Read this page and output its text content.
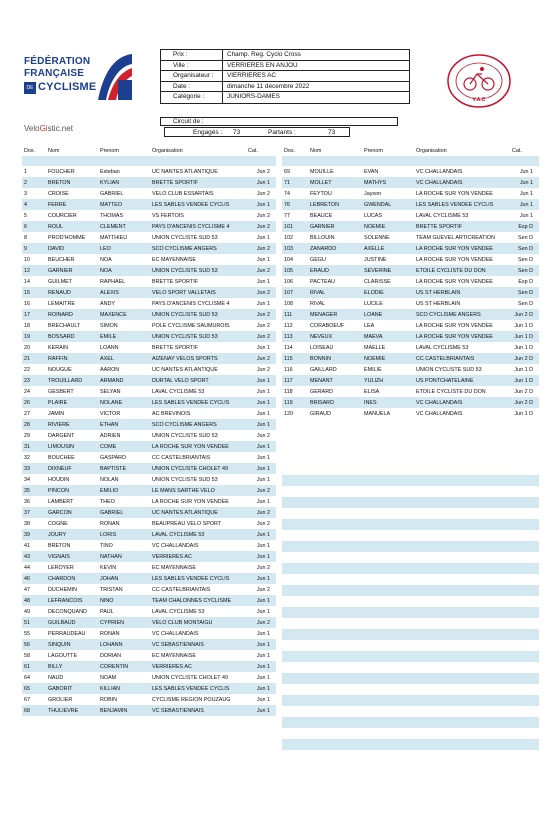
FÉDÉRATION
FRANÇAISE
DE CYCLISME
V.A.C
Prix :	Champ. Reg. Cyclo Cross
Ville :	VERRIERES EN ANJOU
Organisateur :	VIERRIERES AC
Date :	dimanche 11 décembre 2022
Catégorie :	JUNIORS-DAMES
Circuit de :
VeloGistic.net	Engagés : 73	Partants :	73
Dos.	Nom	Prenom	Organisation	Cat.

1	FOUCHER	Esteban	UC NANTES ATLANTIQUE	Jun 2
2	BRETON	KYLIAN	BRETTE SPORTIF	Jun 1
3	CROISE	GABRIEL	VELO CLUB ESSARTAIS	Jun 2
4	FERRE	MATTEO	LES SABLES VENDEE CYCLIS	Jun 1
5	COURCIER	THOMAS	VS FERTOIS	Jun 2
6	ROUL	CLEMENT	PAYS D'ANCENIS CYCLISME 4	Jun 2
8	PROD'HOMME	MATTHIEU	UNION CYCLISTE SUD 53	Jun 1
9	DAVID	LEO	SCO CYCLISME ANGERS	Jun 2
10	BEUCHER	NOA	EC MAYENNAISE	Jun 1
12	GARNIER	NOA	UNION CYCLISTE SUD 53	Jun 2
14	GUILMET	RAPHAEL	BRETTE SPORTIF	Jun 1
15	RENAUD	ALEXIS	VELO SPORT VALLETAIS	Jun 2
16	LEMAITRE	ANDY	PAYS D'ANCENIS CYCLISME 4	Jun 1
17	ROINARD	MAXENCE	UNION CYCLISTE SUD 53	Jun 2
18	BRECHAULT	SIMON	POLE CYCLISME SAUMUROIS	Jun 2
19	BOSSARD	EMILE	UNION CYCLISTE SUD 53	Jun 2
20	KERAIN	LOANN	BRETTE SPORTIF	Jun 1
21	RAFFIN	AXEL	AIZENAY VELOS SPORTS	Jun 2
22	NOUGUE	AARON	UC NANTES ATLANTIQUE	Jun 2
23	TROUILLARD	ARMAND	DURTAL VELO SPORT	Jun 1
24	GESBERT	SELYAN	LAVAL CYCLISME 53	Jun 1
26	PLAIRE	NOLANE	LES SABLES VENDEE CYCLIS	Jun 1
27	JAMIN	VICTOR	AC BREVINOIS	Jun 1
28	RIVIERE	ETHAN	SCO CYCLISME ANGERS	Jun 1
29	DARGENT	ADRIEN	UNION CYCLISTE SUD 53	Jun 2
31	LIMOUSIN	COME	LA ROCHE SUR YON VENDEE	Jun 1
32	BOUCHEE	GASPARD	CC CASTELBRIANTAIS	Jun 1
33	DIXNEUF	BAPTISTE	UNION CYCLISTE CHOLET 49	Jun 1
34	HOUDIN	NOLAN	UNION CYCLISTE SUD 53	Jun 1
35	PINCON	EMILIO	LE MANS SARTHE VELO	Jun 2
36	LAMBERT	THEO	LA ROCHE SUR YON VENDEE	Jun 1
37	GARCON	GABRIEL	UC NANTES ATLANTIQUE	Jun 2
38	COGNE	RONAN	BEAUPREAU VELO SPORT	Jun 2
39	JOURY	LORIS	LAVAL CYCLISME 53	Jun 1
41	BRETON	TINO	VC CHALLANDAIS	Jun 1
43	VIGNAIS	NATHAN	VERRIERES AC	Jun 1
44	LEROYER	KEVIN	EC MAYENNAISE	Jun 2
46	CHARDON	JOHAN	LES SABLES VENDEE CYCLIS	Jun 1
47	DUCHEMIN	TRISTAN	CC CASTELBRIANTAIS	Jun 2
48	LEFRANCOIS	NINO	TEAM CHALONNES CYCLISME	Jun 1
49	DECONQUAND	PAUL	LAVAL CYCLISME 53	Jun 1
51	GUILBAUD	CYPRIEN	VELO CLUB MONTAIGU	Jun 2
55	PERRAUDEAU	RONAN	VC CHALLANDAIS	Jun 1
56	SINQUIN	LOHANN	VC SEBASTIENNAIS	Jun 1
58	LAGOUTTE	DORIAN	EC MAYENNAISE	Jun 1
61	BILLY	CORENTIN	VERRIERES AC	Jun 1
64	NAUD	NOAM	UNION CYCLISTE CHOLET 49	Jun 1
65	GABORIT	KILLIAN	LES SABLES VENDEE CYCLIS	Jun 1
67	GROLIER	ROBIN	CYCLISME REGION POUZAUG	Jun 1
68	THULIEVRE	BENJAMIN	VC SEBASTIENNAIS	Jun 1
Dos.	Nom	Prenom	Organisation	Cat.

69	MOUILLE	EVAN	VC CHALLANDAIS	Jun 1
71	MOLLET	MATHYS	VC CHALLANDAIS	Jun 1
74	FEYTOU	Jayson	LA ROCHE SUR YON VENDEE	Jun 1
76	LEBRETON	GWENDAL	LES SABLES VENDEE CYCLIS	Jun 1
77	BEAUCE	LUCAS	LAVAL CYCLISME 53	Jun 1
101	GARNIER	NOEMIE	BRETTE SPORTIF	Esp D
102	BILLOUIN	SOLENNE	TEAM GUEVEL ARTICREATION	Sen D
103	ZANARDO	AXELLE	LA ROCHE SUR YON VENDEE	Sen D
104	GEGU	JUSTINE	LA ROCHE SUR YON VENDEE	Sen D
105	ERAUD	SEVERINE	ETOILE CYCLISTE DU DON	Sen D
106	PACTEAU	CLARISSE	LA ROCHE SUR YON VENDEE	Esp D
107	RIVAL	ELODIE	US ST HERBLAIN	Sen D
108	RIVAL	LUCILE	US ST HERBLAIN	Sen D
111	MENAGER	LOANE	SCO CYCLISME ANGERS	Jun 2 D
112	CORABOEUF	LEA	LA ROCHE SUR YON VENDEE	Jun 1 D
113	NEVEUX	MAEVA	LA ROCHE SUR YON VENDEE	Jun 1 D
114	LOISEAU	MAELLE	LAVAL CYCLISME 53	Jun 1 D
115	BONNIN	NOEMIE	CC CASTELBRIANTAIS	Jun 2 D
116	GAILLARD	EMILIE	UNION CYCLISTE SUD 53	Jun 1 D
117	MENANT	YULIZH	US PONTCHATELAINE	Jun 1 D
118	GERARD	ELISA	ETOILE CYCLISTE DU DON	Jun 2 D
119	BRISARD	INES	VC CHALLANDAIS	Jun 2 D
120	GIRAUD	MANUELA	VC CHALLANDAIS	Jun 1 D
